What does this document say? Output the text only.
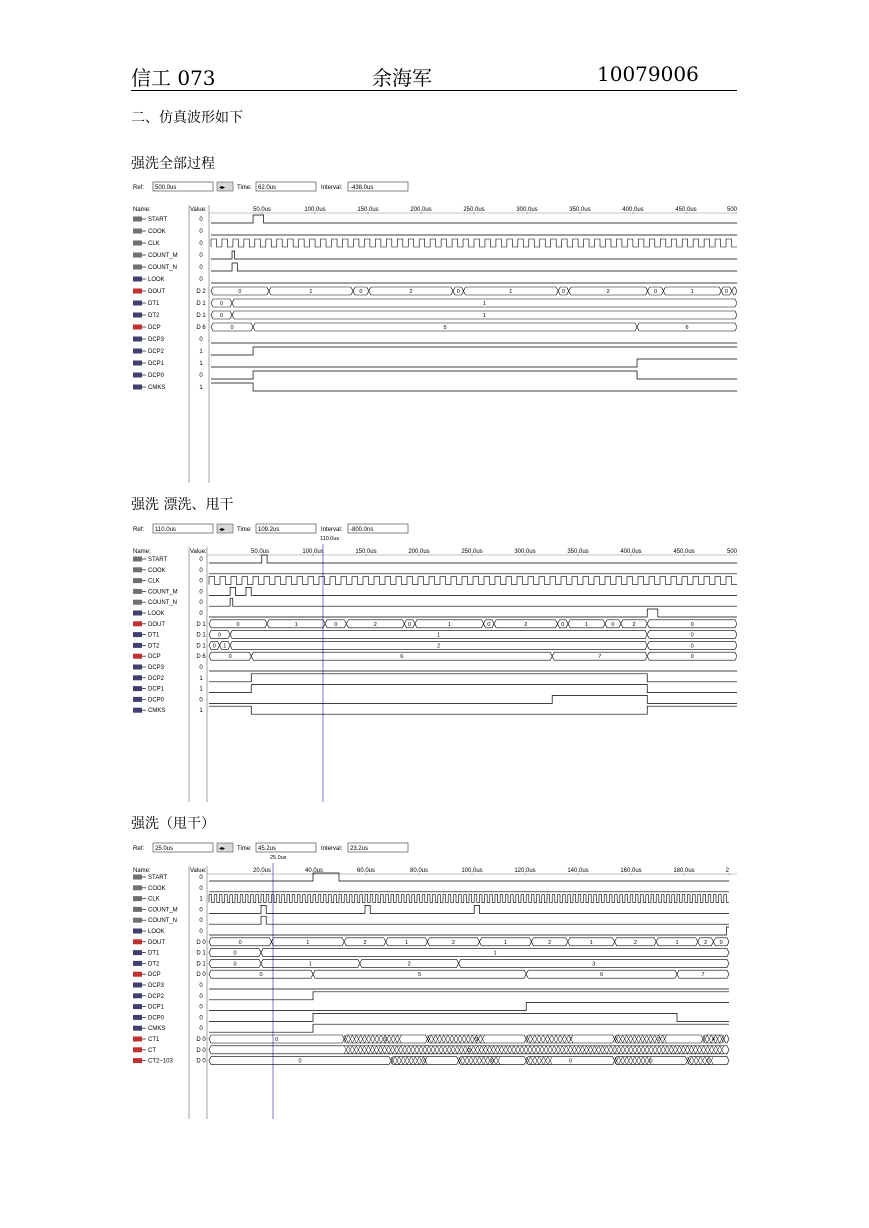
信工 073	余海军	10079006
二、仿真波形如下
强洗全部过程
Ref: 500.0us	◂▸ Time: 62.0us	Interval: -438.0us
Name:	Value:	50.0us	100.0us	150.0us	200.0us	250.0us	300.0us	350.0us	400.0us	450.0us	500
START	0
COOK	0
CLK	0
COUNT_M	0
COUNT_N	0
LOOK	0
DOUT	D 2	0	1	0	2	0	1	0	2	0	1	0
DT1	D 1	0	1
DT2	D 1	0	1
DCP	D 6	0	5	6
DCP3	0
DCP2	1
DCP1	1
DCP0	0
CMKS	1
强洗 漂洗、甩干
Ref: 110.0us	◂▸ Time: 109.2us	Interval: -800.0ns
Name:	Value:	50.0us	100.0us	150.0us	200.0us	250.0us	300.0us	350.0us	400.0us	450.0us	500
110.0us
START	0
COOK	0
CLK	0
COUNT_M	0
COUNT_N	0
LOOK	0
DOUT	D 1	0	1	0	2	0	1	0	2	0	1	0	2	0
DT1	D 1 0	1	0
DT2	D 1 0 1	2	0
DCP	D 6	0	6	7	0
DCP3	0
DCP2	1
DCP1	1
DCP0	0
CMKS	1
强洗（甩干）
Ref: 25.0us	◂▸ Time: 45.2us	Interval: 23.2us
Name:	Value:	20.0us	40.0us	60.0us	80.0us	100.0us	120.0us	140.0us	160.0us	180.0us	2
25.0us
START	0
COOK	0
CLK	1
COUNT_M	0
COUNT_N	0
LOOK	0
DOUT	D 0	0	1	2	1	2	1	2	1	2	1	2 0
DT1	D 1	0	1
DT2	D 1	0	1	2	3
DCP	D 0	0	5	6	7
DCP3	0
DCP2	0
DCP1	0
DCP0	0
CMKS	0
CT1	D 0	0	9	9	7	7	4
CT	D 0	0
CT2~103	D 0	0	0	8	0	0	0
